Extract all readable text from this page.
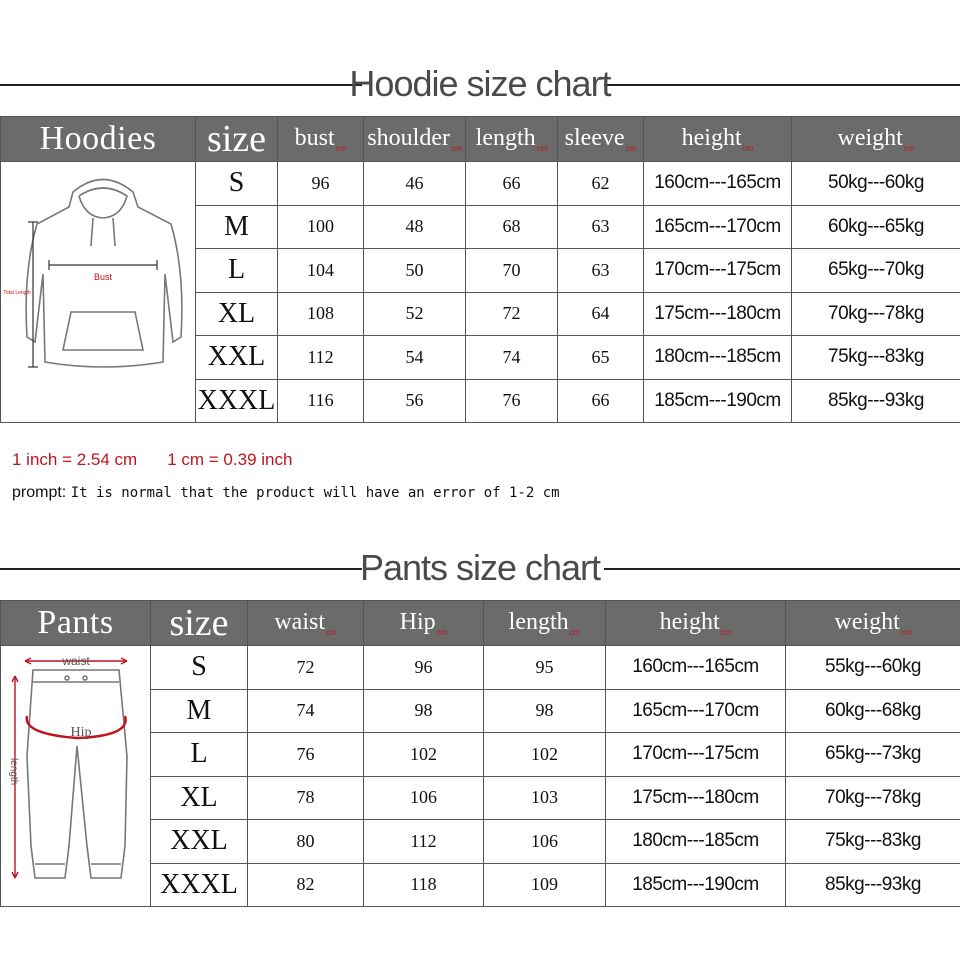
Hoodie size chart
Hoodies	size	bust$_{cm}$	shoulder$_{cm}$	length$_{cm}$	sleeve$_{cm}$	height$_{cm}$	weight$_{cm}$

Bust
Total Length	S	96	46	66	62	160cm---165cm	50kg---60kg
	M	100	48	68	63	165cm---170cm	60kg---65kg
	L	104	50	70	63	170cm---175cm	65kg---70kg
	XL	108	52	72	64	175cm---180cm	70kg---78kg
	XXL	112	54	74	65	180cm---185cm	75kg---83kg
	XXXL	116	56	76	66	185cm---190cm	85kg---93kg
1 inch = 2.54 cm 1 cm = 0.39 inch
prompt: It is normal that the product will have an error of 1-2 cm
Pants size chart
Pants	size	waist$_{cm}$	Hip$_{cm}$	length$_{cm}$	height$_{cm}$	weight$_{cm}$

waist
Hip
length	S	72	96	95	160cm---165cm	55kg---60kg
	M	74	98	98	165cm---170cm	60kg---68kg
	L	76	102	102	170cm---175cm	65kg---73kg
	XL	78	106	103	175cm---180cm	70kg---78kg
	XXL	80	112	106	180cm---185cm	75kg---83kg
	XXXL	82	118	109	185cm---190cm	85kg---93kg
